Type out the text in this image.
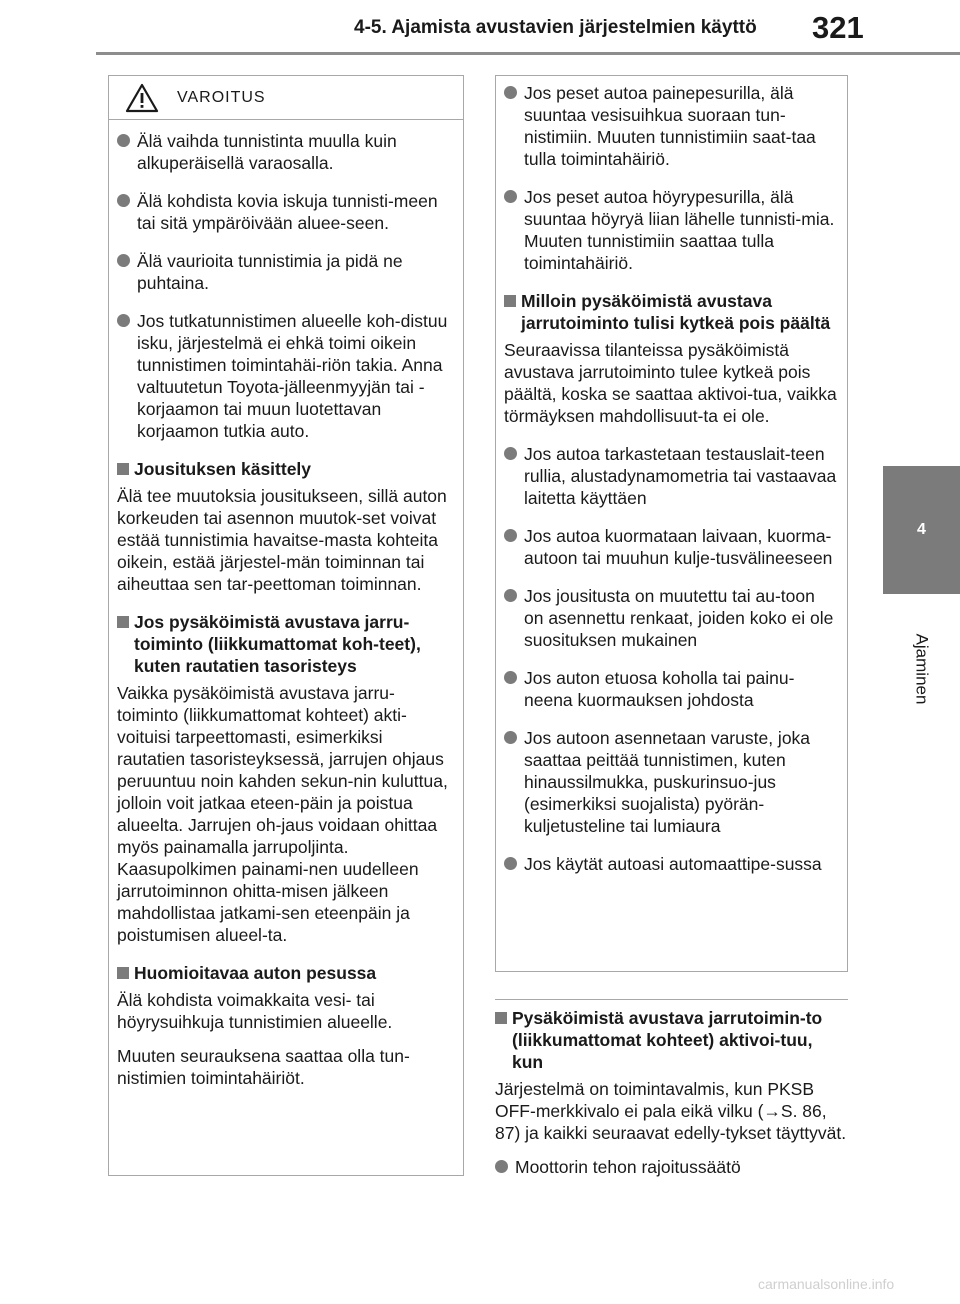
4-5. Ajamista avustavien järjestelmien käyttö 321
4
Ajaminen
VAROITUS
Älä vaihda tunnistinta muulla kuin alkuperäisellä varaosalla.
Älä kohdista kovia iskuja tunnisti-meen tai sitä ympäröivään aluee-seen.
Älä vaurioita tunnistimia ja pidä ne puhtaina.
Jos tutkatunnistimen alueelle koh-distuu isku, järjestelmä ei ehkä toimi oikein tunnistimen toimintahäi-riön takia. Anna valtuutetun Toyota-jälleenmyyjän tai -korjaamon tai muun luotettavan korjaamon tutkia auto.
Jousituksen käsittely
Älä tee muutoksia jousitukseen, sillä auton korkeuden tai asennon muutok-set voivat estää tunnistimia havaitse-masta kohteita oikein, estää järjestel-män toiminnan tai aiheuttaa sen tar-peettoman toiminnan.
Jos pysäköimistä avustava jarru-toiminto (liikkumattomat koh-teet), kuten rautatien tasoristeys
Vaikka pysäköimistä avustava jarru-toiminto (liikkumattomat kohteet) akti-voituisi tarpeettomasti, esimerkiksi rautatien tasoristeyksessä, jarrujen ohjaus peruuntuu noin kahden sekun-nin kuluttua, jolloin voit jatkaa eteen-päin ja poistua alueelta. Jarrujen oh-jaus voidaan ohittaa myös painamalla jarrupoljinta. Kaasupolkimen painami-nen uudelleen jarrutoiminnon ohitta-misen jälkeen mahdollistaa jatkami-sen eteenpäin ja poistumisen alueel-ta.
Huomioitavaa auton pesussa
Älä kohdista voimakkaita vesi- tai höyrysuihkuja tunnistimien alueelle.
Muuten seurauksena saattaa olla tun-nistimien toimintahäiriöt.
Jos peset autoa painepesurilla, älä suuntaa vesisuihkua suoraan tun-nistimiin. Muuten tunnistimiin saat-taa tulla toimintahäiriö.
Jos peset autoa höyrypesurilla, älä suuntaa höyryä liian lähelle tunnisti-mia. Muuten tunnistimiin saattaa tulla toimintahäiriö.
Milloin pysäköimistä avustava jarrutoiminto tulisi kytkeä pois päältä
Seuraavissa tilanteissa pysäköimistä avustava jarrutoiminto tulee kytkeä pois päältä, koska se saattaa aktivoi-tua, vaikka törmäyksen mahdollisuut-ta ei ole.
Jos autoa tarkastetaan testauslait-teen rullia, alustadynamometria tai vastaavaa laitetta käyttäen
Jos autoa kuormataan laivaan, kuorma-autoon tai muuhun kulje-tusvälineeseen
Jos jousitusta on muutettu tai au-toon on asennettu renkaat, joiden koko ei ole suosituksen mukainen
Jos auton etuosa koholla tai painu-neena kuormauksen johdosta
Jos autoon asennetaan varuste, joka saattaa peittää tunnistimen, kuten hinaussilmukka, puskurinsuo-jus (esimerkiksi suojalista) pyörän-kuljetusteline tai lumiaura
Jos käytät autoasi automaattipe-sussa
Pysäköimistä avustava jarrutoimin-to (liikkumattomat kohteet) aktivoi-tuu, kun
Järjestelmä on toimintavalmis, kun PKSB OFF-merkkivalo ei pala eikä vilku (→S. 86, 87) ja kaikki seuraavat edelly-tykset täyttyvät.
Moottorin tehon rajoitussäätö
carmanualsonline.info
